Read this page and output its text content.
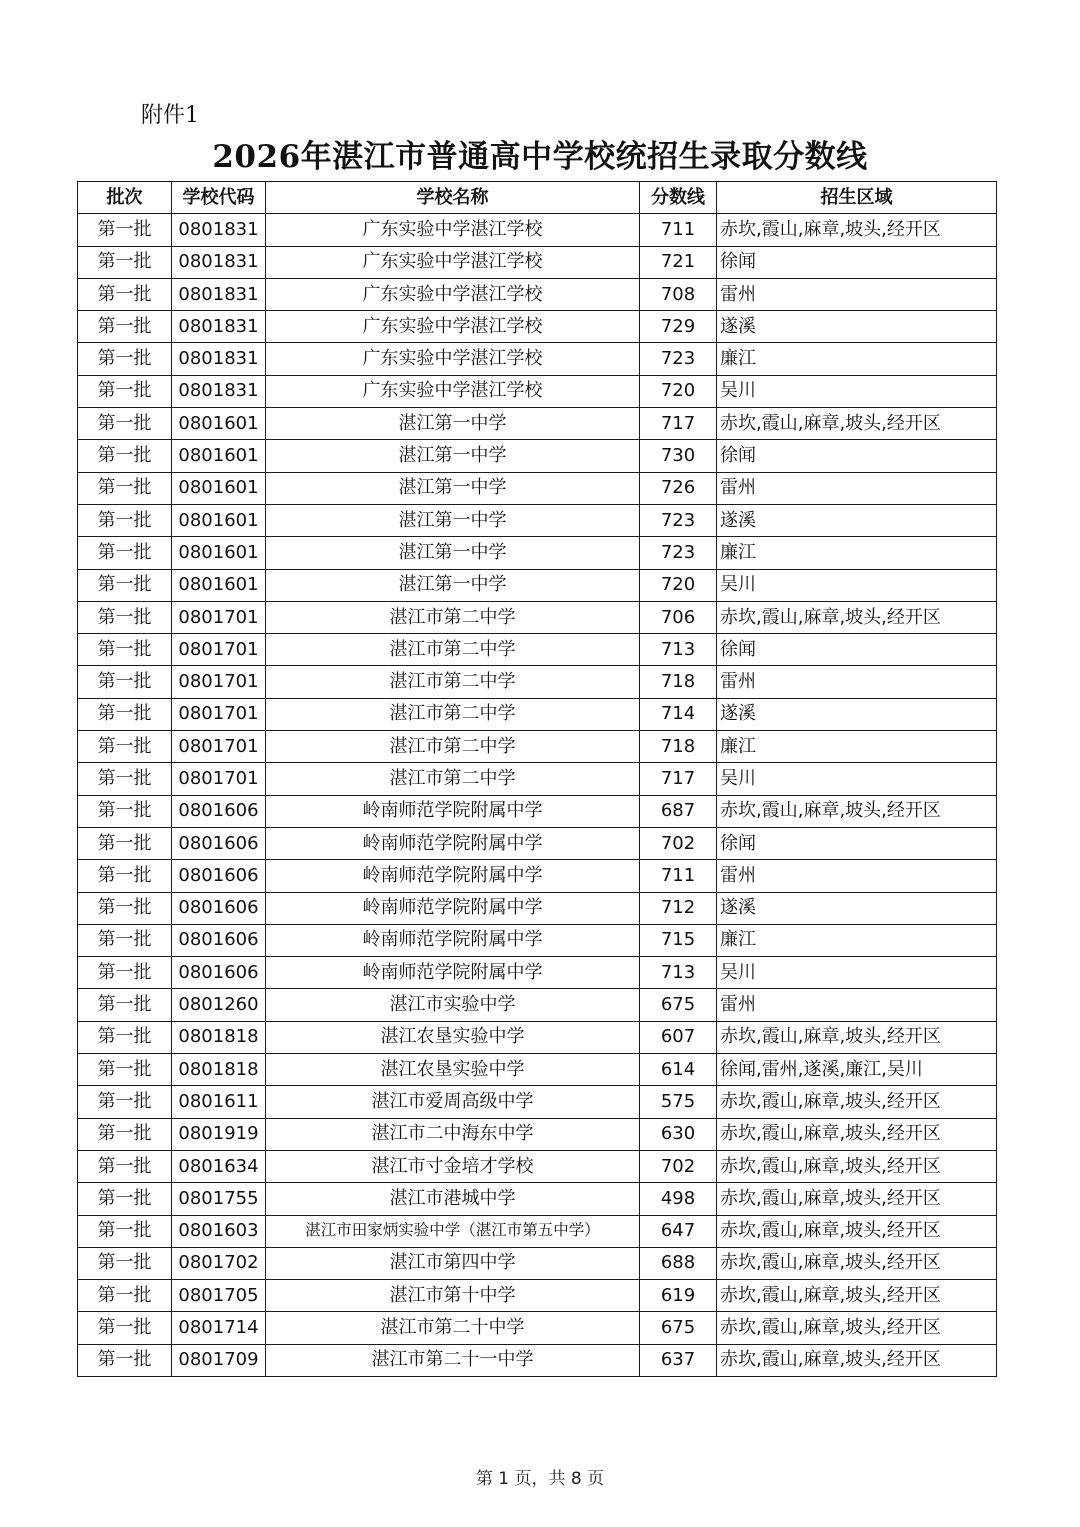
附件1
2026年湛江市普通高中学校统招生录取分数线
批次	学校代码	学校名称	分数线	招生区域
第一批	0801831	广东实验中学湛江学校	711	赤坎,霞山,麻章,坡头,经开区
第一批	0801831	广东实验中学湛江学校	721	徐闻
第一批	0801831	广东实验中学湛江学校	708	雷州
第一批	0801831	广东实验中学湛江学校	729	遂溪
第一批	0801831	广东实验中学湛江学校	723	廉江
第一批	0801831	广东实验中学湛江学校	720	吴川
第一批	0801601	湛江第一中学	717	赤坎,霞山,麻章,坡头,经开区
第一批	0801601	湛江第一中学	730	徐闻
第一批	0801601	湛江第一中学	726	雷州
第一批	0801601	湛江第一中学	723	遂溪
第一批	0801601	湛江第一中学	723	廉江
第一批	0801601	湛江第一中学	720	吴川
第一批	0801701	湛江市第二中学	706	赤坎,霞山,麻章,坡头,经开区
第一批	0801701	湛江市第二中学	713	徐闻
第一批	0801701	湛江市第二中学	718	雷州
第一批	0801701	湛江市第二中学	714	遂溪
第一批	0801701	湛江市第二中学	718	廉江
第一批	0801701	湛江市第二中学	717	吴川
第一批	0801606	岭南师范学院附属中学	687	赤坎,霞山,麻章,坡头,经开区
第一批	0801606	岭南师范学院附属中学	702	徐闻
第一批	0801606	岭南师范学院附属中学	711	雷州
第一批	0801606	岭南师范学院附属中学	712	遂溪
第一批	0801606	岭南师范学院附属中学	715	廉江
第一批	0801606	岭南师范学院附属中学	713	吴川
第一批	0801260	湛江市实验中学	675	雷州
第一批	0801818	湛江农垦实验中学	607	赤坎,霞山,麻章,坡头,经开区
第一批	0801818	湛江农垦实验中学	614	徐闻,雷州,遂溪,廉江,吴川
第一批	0801611	湛江市爱周高级中学	575	赤坎,霞山,麻章,坡头,经开区
第一批	0801919	湛江市二中海东中学	630	赤坎,霞山,麻章,坡头,经开区
第一批	0801634	湛江市寸金培才学校	702	赤坎,霞山,麻章,坡头,经开区
第一批	0801755	湛江市港城中学	498	赤坎,霞山,麻章,坡头,经开区
第一批	0801603	湛江市田家炳实验中学（湛江市第五中学）	647	赤坎,霞山,麻章,坡头,经开区
第一批	0801702	湛江市第四中学	688	赤坎,霞山,麻章,坡头,经开区
第一批	0801705	湛江市第十中学	619	赤坎,霞山,麻章,坡头,经开区
第一批	0801714	湛江市第二十中学	675	赤坎,霞山,麻章,坡头,经开区
第一批	0801709	湛江市第二十一中学	637	赤坎,霞山,麻章,坡头,经开区
第 1 页，共 8 页
